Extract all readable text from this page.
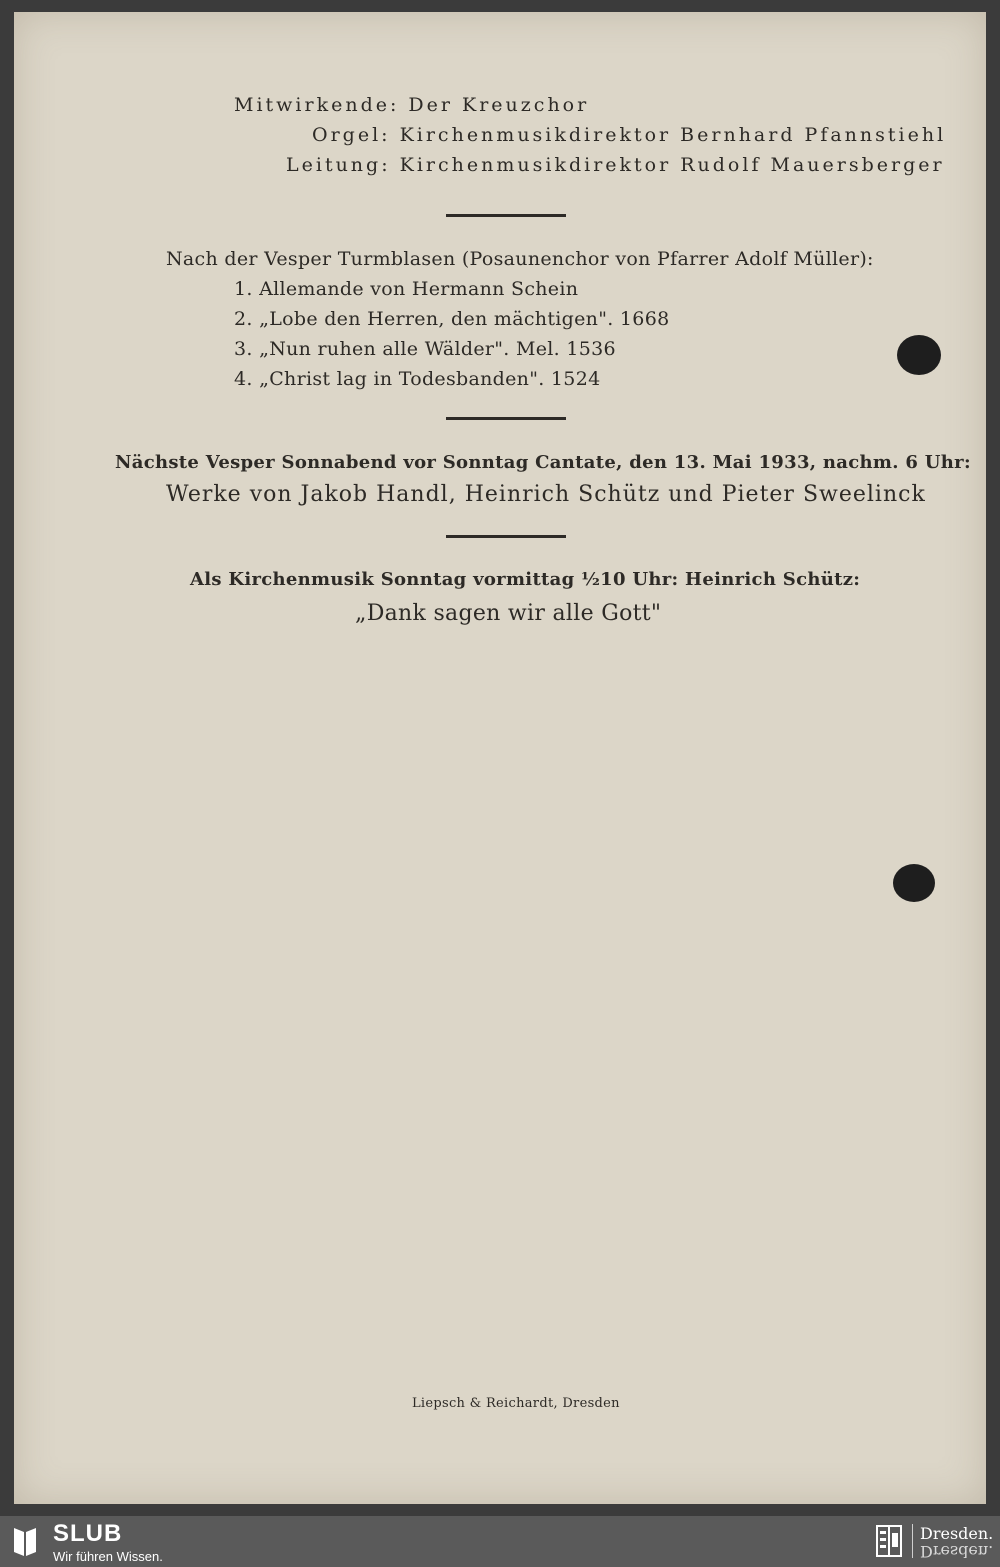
Mitwirkende: Der Kreuzchor
Orgel: Kirchenmusikdirektor Bernhard Pfannstiehl
Leitung: Kirchenmusikdirektor Rudolf Mauersberger
Nach der Vesper Turmblasen (Posaunenchor von Pfarrer Adolf Müller):
1. Allemande von Hermann Schein
2. „Lobe den Herren, den mächtigen". 1668
3. „Nun ruhen alle Wälder". Mel. 1536
4. „Christ lag in Todesbanden". 1524
Nächste Vesper Sonnabend vor Sonntag Cantate, den 13. Mai 1933, nachm. 6 Uhr:
Werke von Jakob Handl, Heinrich Schütz und Pieter Sweelinck
Als Kirchenmusik Sonntag vormittag ½10 Uhr: Heinrich Schütz:
„Dank sagen wir alle Gott"
Liepsch & Reichardt, Dresden
SLUB
Wir führen Wissen.
Dresden.
Dresden.
